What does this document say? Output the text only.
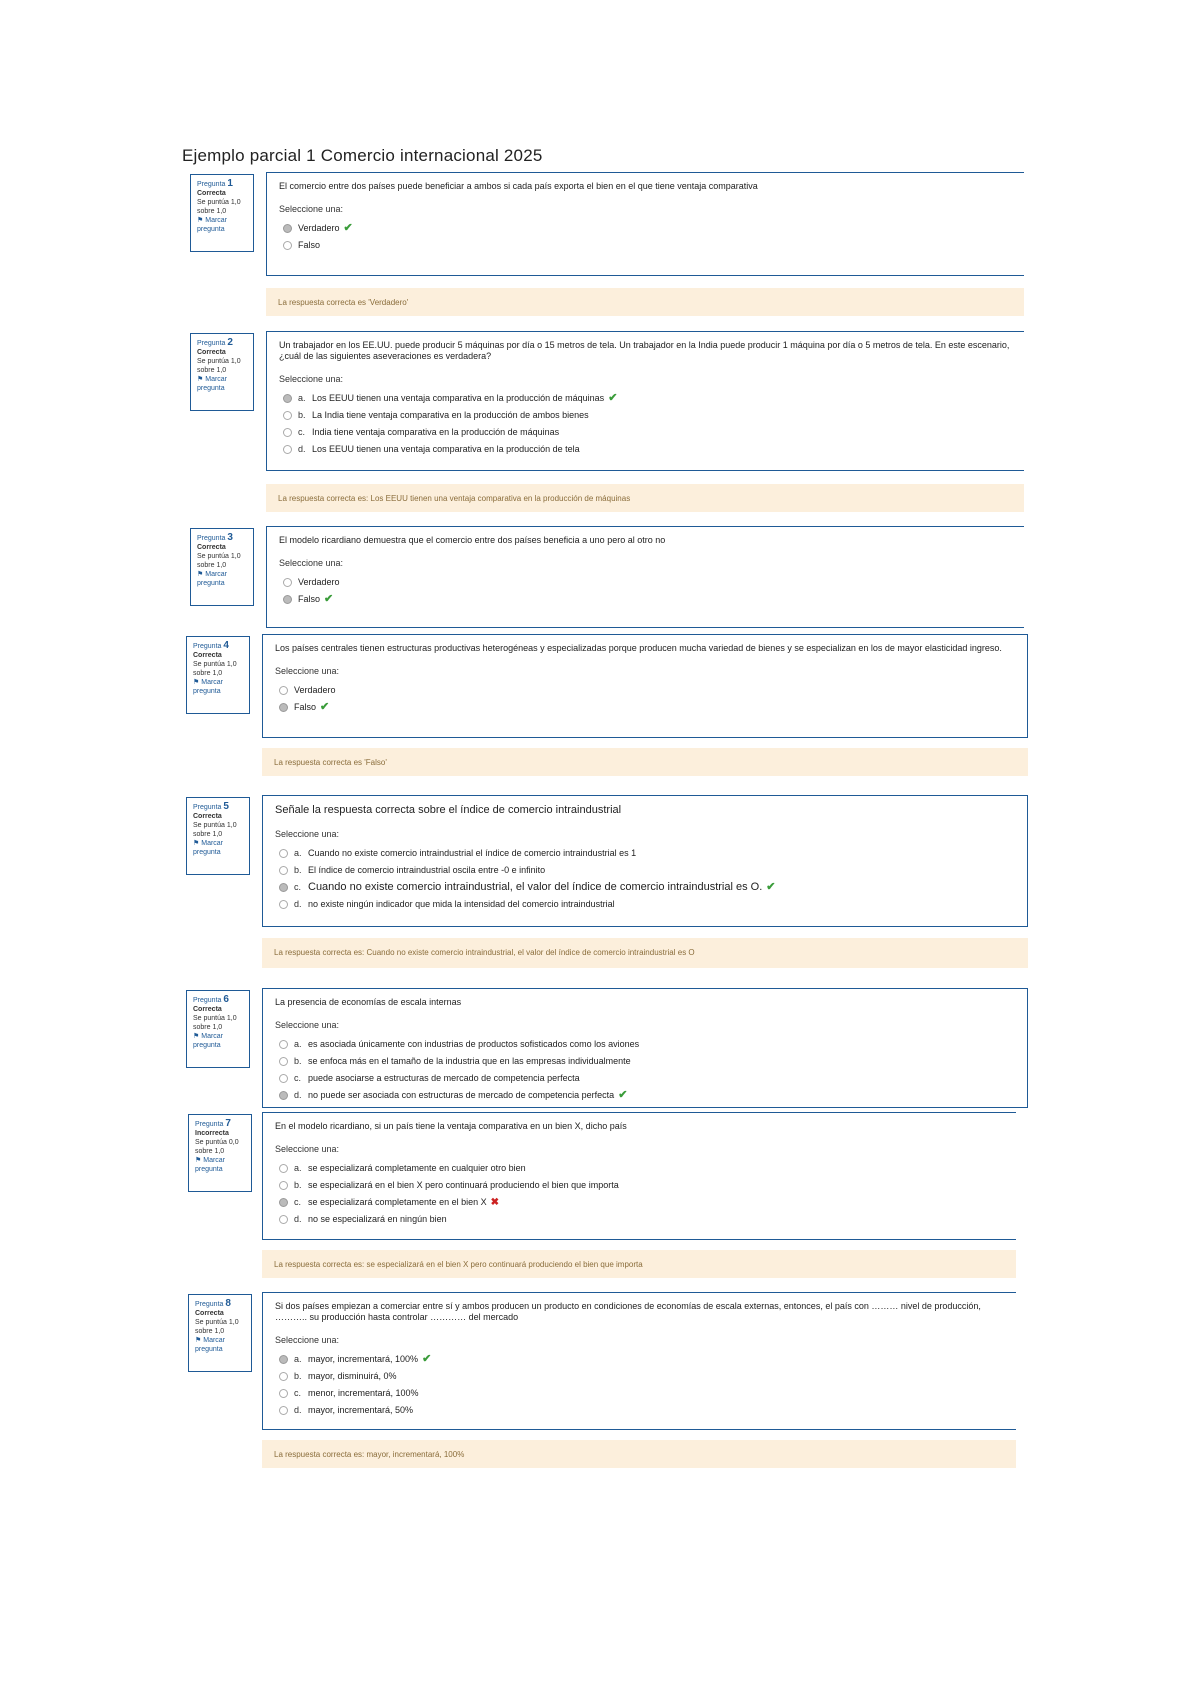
Ejemplo parcial 1 Comercio internacional 2025
Pregunta 1
Correcta
Se puntúa 1,0 sobre 1,0
⚑ Marcar pregunta
El comercio entre dos países puede beneficiar a ambos si cada país exporta el bien en el que tiene ventaja comparativa
Seleccione una:
Verdadero ✔
Falso
La respuesta correcta es 'Verdadero'
Pregunta 2
Correcta
Se puntúa 1,0 sobre 1,0
⚑ Marcar pregunta
Un trabajador en los EE.UU. puede producir 5 máquinas por día o 15 metros de tela. Un trabajador en la India puede producir 1 máquina por día o 5 metros de tela. En este escenario, ¿cuál de las siguientes aseveraciones es verdadera?
Seleccione una:
a. Los EEUU tienen una ventaja comparativa en la producción de máquinas ✔
b. La India tiene ventaja comparativa en la producción de ambos bienes
c. India tiene ventaja comparativa en la producción de máquinas
d. Los EEUU tienen una ventaja comparativa en la producción de tela
La respuesta correcta es: Los EEUU tienen una ventaja comparativa en la producción de máquinas
Pregunta 3
Correcta
Se puntúa 1,0 sobre 1,0
⚑ Marcar pregunta
El modelo ricardiano demuestra que el comercio entre dos países beneficia a uno pero al otro no
Seleccione una:
Verdadero
Falso ✔
Pregunta 4
Correcta
Se puntúa 1,0 sobre 1,0
⚑ Marcar pregunta
Los países centrales tienen estructuras productivas heterogéneas y especializadas porque producen mucha variedad de bienes y se especializan en los de mayor elasticidad ingreso.
Seleccione una:
Verdadero
Falso ✔
La respuesta correcta es 'Falso'
Pregunta 5
Correcta
Se puntúa 1,0 sobre 1,0
⚑ Marcar pregunta
Señale la respuesta correcta sobre el índice de comercio intraindustrial
Seleccione una:
a. Cuando no existe comercio intraindustrial el índice de comercio intraindustrial es 1
b. El índice de comercio intraindustrial oscila entre -0 e infinito
c. Cuando no existe comercio intraindustrial, el valor del índice de comercio intraindustrial es O. ✔
d. no existe ningún indicador que mida la intensidad del comercio intraindustrial
La respuesta correcta es: Cuando no existe comercio intraindustrial, el valor del índice de comercio intraindustrial es O
Pregunta 6
Correcta
Se puntúa 1,0 sobre 1,0
⚑ Marcar pregunta
La presencia de economías de escala internas
Seleccione una:
a. es asociada únicamente con industrias de productos sofisticados como los aviones
b. se enfoca más en el tamaño de la industria que en las empresas individualmente
c. puede asociarse a estructuras de mercado de competencia perfecta
d. no puede ser asociada con estructuras de mercado de competencia perfecta ✔
Pregunta 7
Incorrecta
Se puntúa 0,0 sobre 1,0
⚑ Marcar pregunta
En el modelo ricardiano, si un país tiene la ventaja comparativa en un bien X, dicho país
Seleccione una:
a. se especializará completamente en cualquier otro bien
b. se especializará en el bien X pero continuará produciendo el bien que importa
c. se especializará completamente en el bien X ✖
d. no se especializará en ningún bien
La respuesta correcta es: se especializará en el bien X pero continuará produciendo el bien que importa
Pregunta 8
Correcta
Se puntúa 1,0 sobre 1,0
⚑ Marcar pregunta
Si dos países empiezan a comerciar entre sí y ambos producen un producto en condiciones de economías de escala externas, entonces, el país con ……… nivel de producción, ……….. su producción hasta controlar ………… del mercado
Seleccione una:
a. mayor, incrementará, 100% ✔
b. mayor, disminuirá, 0%
c. menor, incrementará, 100%
d. mayor, incrementará, 50%
La respuesta correcta es: mayor, incrementará, 100%
